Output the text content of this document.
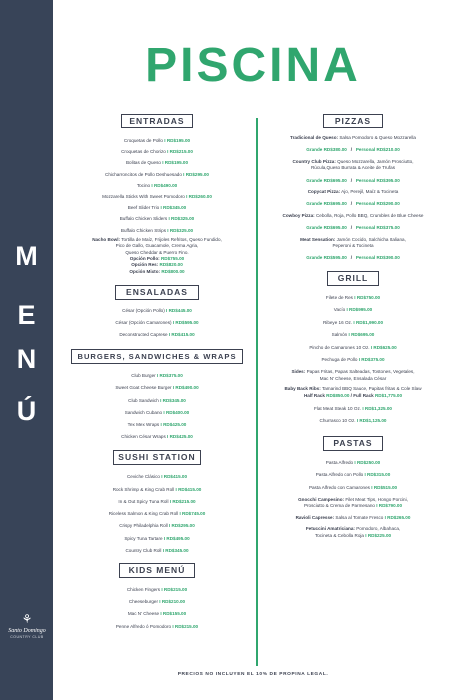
M
E
N
Ú
⚘
Santo Domingo
COUNTRY CLUB
PISCINA
ENTRADAS
Croquetas de Pollo I RD$195.00
Croquetas de Chorizo I RD$215.00
Bolitas de Queso I RD$195.00
Chicharroncitos de Pollo Deshuesado I RD$295.00
Tocino I RD$490.00
Mozzarella Sticks With Sweet Pomodoro I RD$260.00
Beef Slider Trio I RD$345.00
Buffalo Chicken Sliders I RD$325.00
Buffalo Chicken Strips I RD$325.00
Nacho Bowl: Tortilla de Maíz, Frijoles Refritos, Queso Fundido,
Pico de Gallo, Guacamole, Crema Agria,
Queso Cheddar & Puerro Fino.
Opción Pollo: RD$755.00
Opción Res: RD$820.00
Opción Mixto: RD$800.00
ENSALADAS
César (Opción Pollo) I RD$445.00
César (Opción Camarones) I RD$595.00
Deconstructed Caprese I RD$415.00
BURGERS, SANDWICHES & WRAPS
Club Burger I RD$375.00
Sweet Goat Cheese Burger I RD$490.00
Club Sandwich I RD$345.00
Sandwich Cubano I RD$400.00
Tex Mex Wraps I RD$425.00
Chicken César Wraps I RD$425.00
SUSHI STATION
Ceviche Clásico I RD$415.00
Rock Shrimp & King Crab Roll I RD$415.00
In & Out Spicy Tuna Roll I RD$215.00
Riceless Salmon & King Crab Roll I RD$745.00
Crispy Philadelphia Roll I RD$295.00
Spicy Tuna Tartare I RD$495.00
Country Club Roll I RD$345.00
KIDS MENÚ
Chicken Fingers I RD$215.00
Cheeseburger I RD$210.00
Mac N' Cheese I RD$155.00
Penne Alfredo ó Pomodoro I RD$215.00
PIZZAS
Tradicional de Queso: Salsa Pomodoro & Queso Mozzarella
Grande RD$380.00 / Personal RD$210.00
Country Club Pizza: Queso Mozzarella, Jamón Prosciutto,
Rúcula,Queso Burrata & Aceite de Trufas
Grande RD$695.00 / Personal RD$395.00
Copycat Pizza: Ajo, Perejil, Maíz & Tocineta
Grande RD$695.00 / Personal RD$290.00
Cowboy Pizza: Cebolla, Roja, Pollo BBQ, Crumbles de Blue Cheese
Grande RD$695.00 / Personal RD$375.00
Meat Sensation: Jamón Cocido, Salchicha Italiana,
Peperoni & Tocineta
Grande RD$595.00 / Personal RD$390.00
GRILL
Filete de Res I RD$750.00
Vacío I RD$995.00
Ribeye 16 Oz. I RD$1,990.00
Salmón I RD$695.00
Pincho de Camarones 10 Oz. I RD$625.00
Pechuga de Pollo I RD$375.00
Sides: Papas Fritas, Papas Salteadas, Tostones, Vegetales,
Mac N' Cheese, Ensalada César
Baby Back Ribs: Tamarind BBQ Sauce, Papitas fritas & Cole Slaw
Half Rack RD$850.00 / Full Rack RD$1,775.00
Flat Meat Steak 10 Oz. I RD$1,325.00
Churrasco 10 Oz. I RD$1,125.00
PASTAS
Pasta Alfredo I RD$250.00
Pasta Alfredo con Pollo I RD$315.00
Pasta Alfredo con Camarones I RD$515.00
Gnocchi Campesino: Filet Meat Tips, Hongo Porcini,
Prosciutto & Crema de Parmesano I RD$790.00
Ravioli Capresse: Salsa al Tomate Fresco I RD$265.00
Fetuccini Amatriciana: Pomodoro, Albahaca,
Tocineta & Cebolla Roja I RD$225.00
PRECIOS NO INCLUYEN EL 10% DE PROPINA LEGAL.
